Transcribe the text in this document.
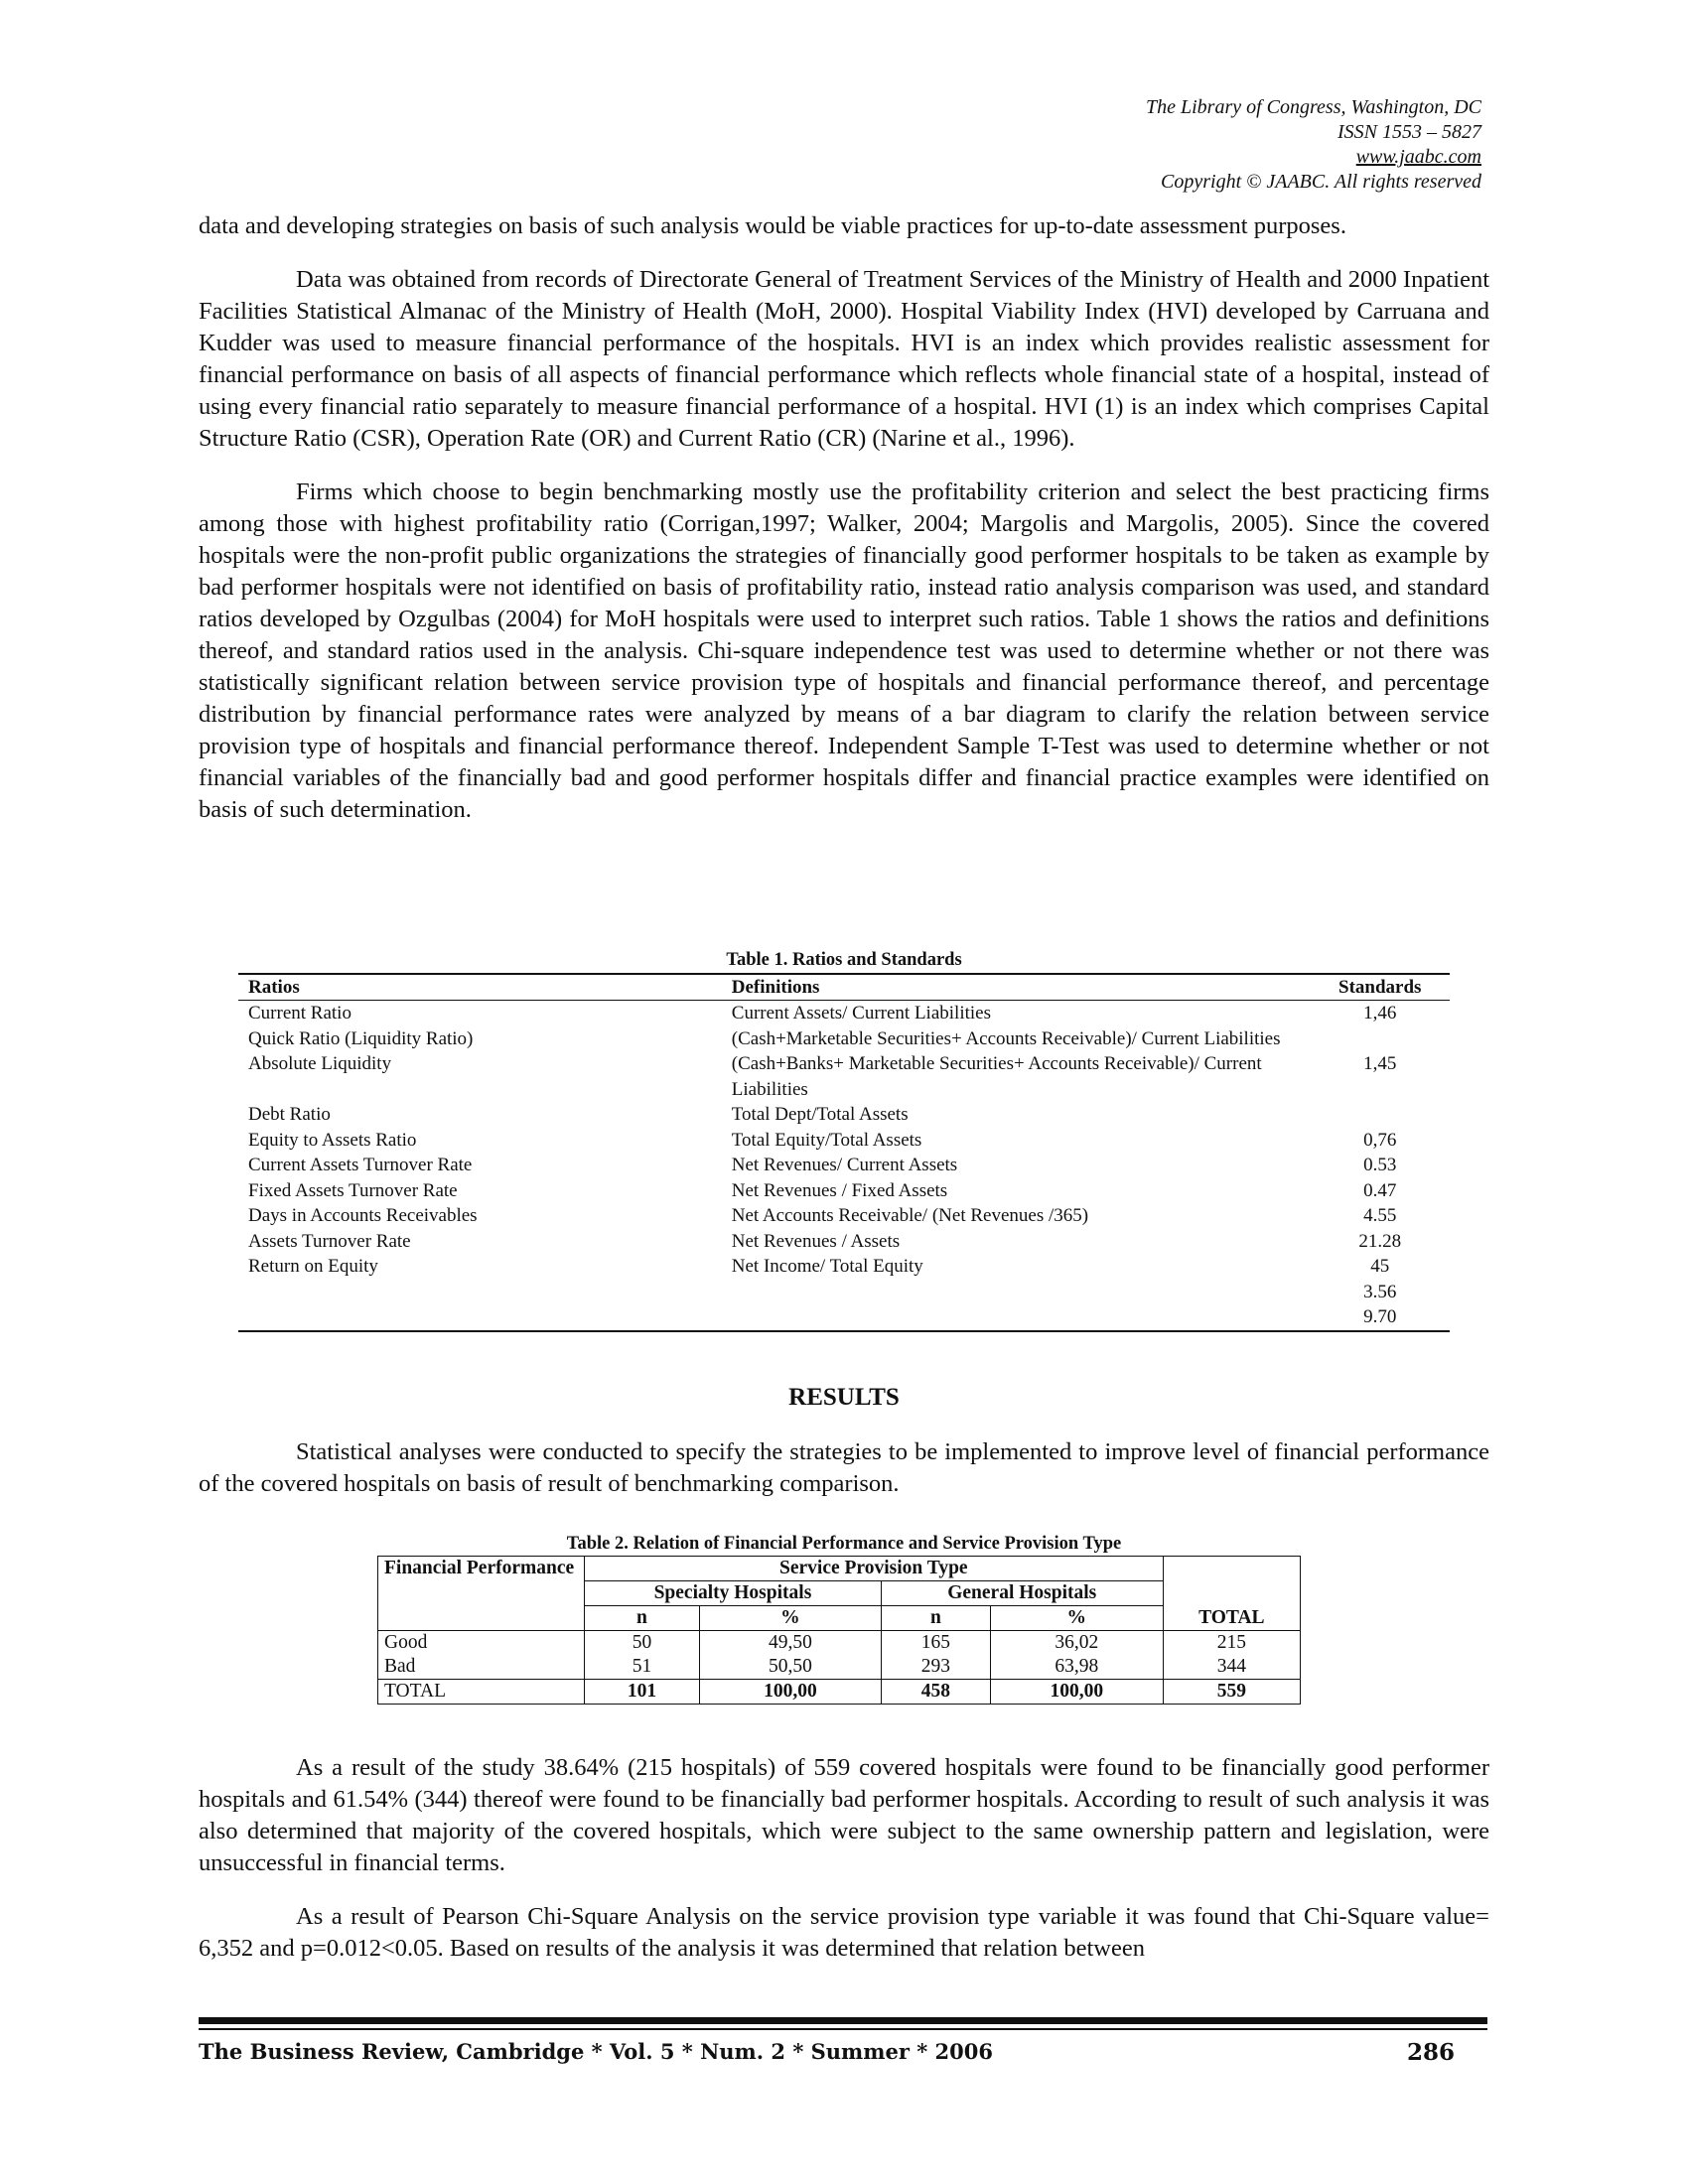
The Library of Congress, Washington, DC
ISSN 1553 – 5827
www.jaabc.com
Copyright © JAABC. All rights reserved

data and developing strategies on basis of such analysis would be viable practices for up-to-date assessment purposes.

Data was obtained from records of Directorate General of Treatment Services of the Ministry of Health and 2000 Inpatient Facilities Statistical Almanac of the Ministry of Health (MoH, 2000). Hospital Viability Index (HVI) developed by Carruana and Kudder was used to measure financial performance of the hospitals. HVI is an index which provides realistic assessment for financial performance on basis of all aspects of financial performance which reflects whole financial state of a hospital, instead of using every financial ratio separately to measure financial performance of a hospital. HVI (1) is an index which comprises Capital Structure Ratio (CSR), Operation Rate (OR) and Current Ratio (CR) (Narine et al., 1996).

Firms which choose to begin benchmarking mostly use the profitability criterion and select the best practicing firms among those with highest profitability ratio (Corrigan,1997; Walker, 2004; Margolis and Margolis, 2005). Since the covered hospitals were the non-profit public organizations the strategies of financially good performer hospitals to be taken as example by bad performer hospitals were not identified on basis of profitability ratio, instead ratio analysis comparison was used, and standard ratios developed by Ozgulbas (2004) for MoH hospitals were used to interpret such ratios. Table 1 shows the ratios and definitions thereof, and standard ratios used in the analysis. Chi-square independence test was used to determine whether or not there was statistically significant relation between service provision type of hospitals and financial performance thereof, and percentage distribution by financial performance rates were analyzed by means of a bar diagram to clarify the relation between service provision type of hospitals and financial performance thereof. Independent Sample T-Test was used to determine whether or not financial variables of the financially bad and good performer hospitals differ and financial practice examples were identified on basis of such determination.

Table 1. Ratios and Standards
Ratios	Definitions	Standards
Current Ratio	Current Assets/ Current Liabilities	1,46
Quick Ratio (Liquidity Ratio)	(Cash+Marketable Securities+ Accounts Receivable)/ Current Liabilities	
Absolute Liquidity	(Cash+Banks+ Marketable Securities+ Accounts Receivable)/ Current Liabilities	1,45
Debt Ratio	Total Dept/Total Assets	
Equity to Assets Ratio	Total Equity/Total Assets	0,76
Current Assets Turnover Rate	Net Revenues/ Current Assets	0.53
Fixed Assets Turnover Rate	Net Revenues / Fixed Assets	0.47
Days in Accounts Receivables	Net Accounts Receivable/ (Net Revenues /365)	4.55
Assets Turnover Rate	Net Revenues / Assets	21.28
Return on Equity	Net Income/ Total Equity	45
		3.56
		9.70
RESULTS

Statistical analyses were conducted to specify the strategies to be implemented to improve level of financial performance of the covered hospitals on basis of result of benchmarking comparison.

Table 2. Relation of Financial Performance and Service Provision Type
Financial Performance	Service Provision Type				TOTAL
	Specialty Hospitals		General Hospitals		
	n	%	n	%	
Good	50	49,50	165	36,02	215
Bad	51	50,50	293	63,98	344
TOTAL	101	100,00	458	100,00	559

As a result of the study 38.64% (215 hospitals) of 559 covered hospitals were found to be financially good performer hospitals and 61.54% (344) thereof were found to be financially bad performer hospitals. According to result of such analysis it was also determined that majority of the covered hospitals, which were subject to the same ownership pattern and legislation, were unsuccessful in financial terms.

As a result of Pearson Chi-Square Analysis on the service provision type variable it was found that Chi-Square value= 6,352 and p=0.012<0.05. Based on results of the analysis it was determined that relation between

The Business Review, Cambridge * Vol. 5 * Num. 2 * Summer * 2006	286
